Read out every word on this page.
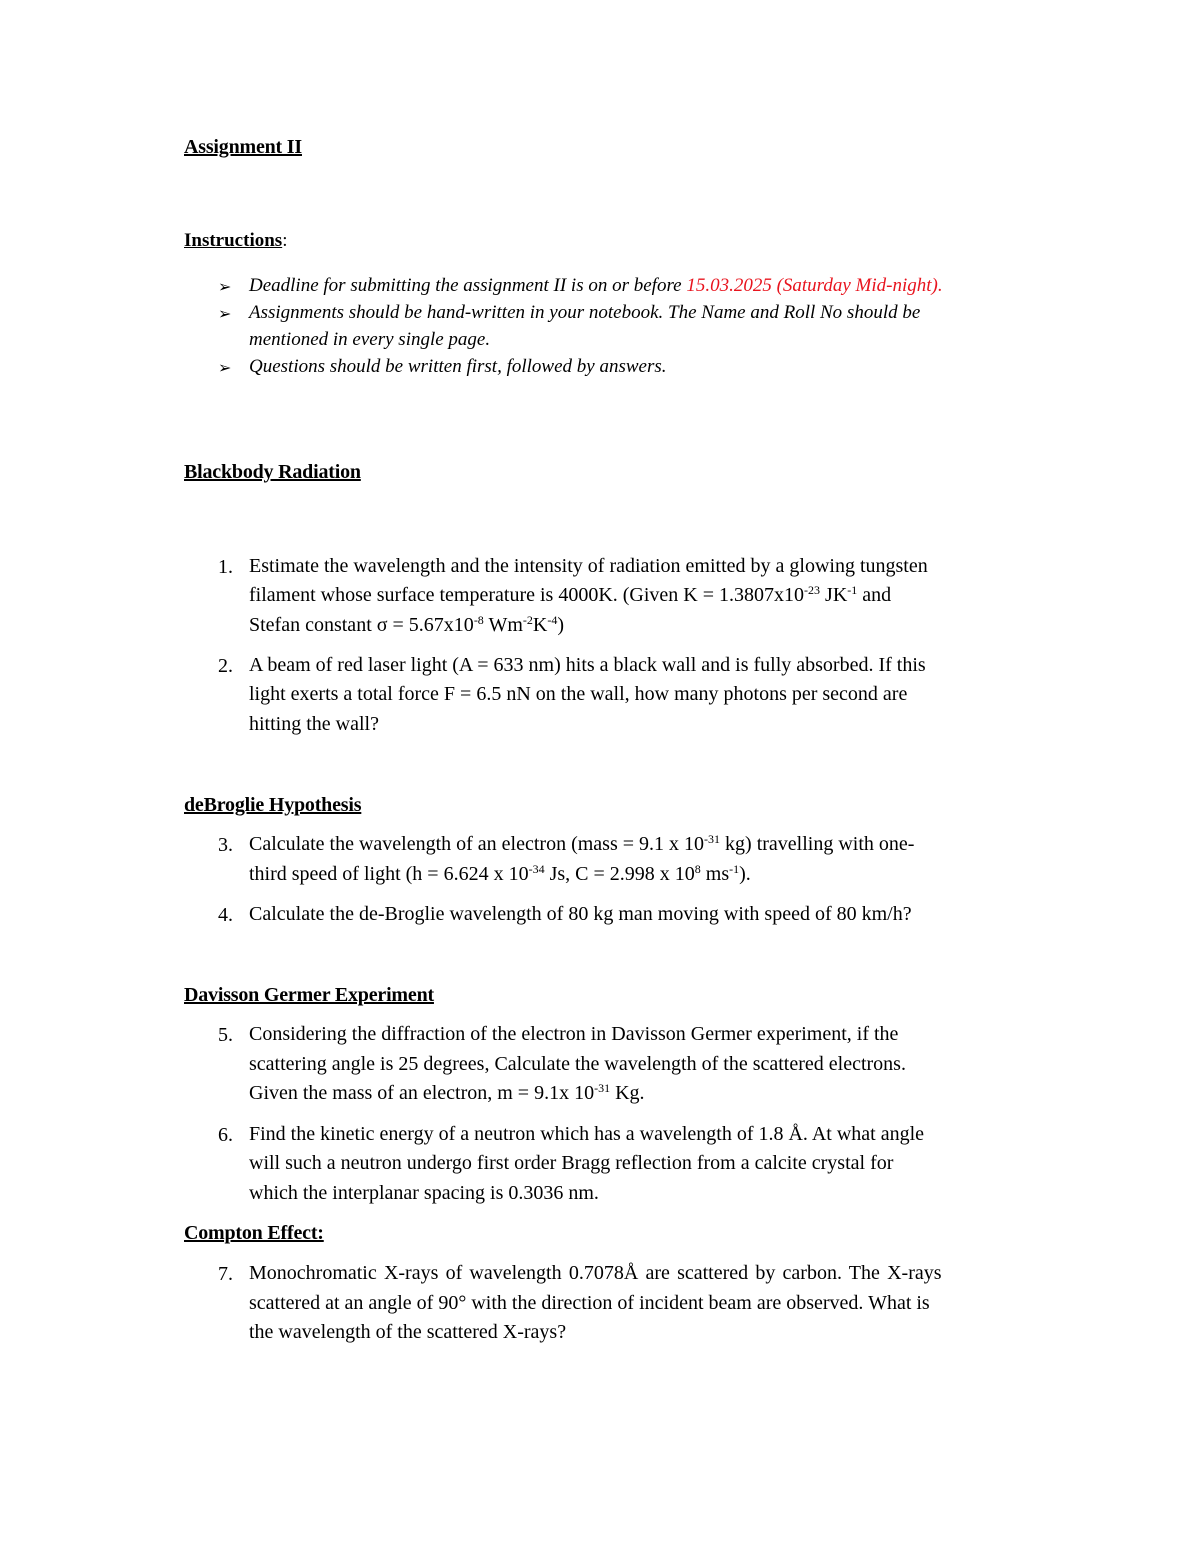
Assignment II
Instructions:
➢ Deadline for submitting the assignment II is on or before 15.03.2025 (Saturday Mid-night).
➢ Assignments should be hand-written in your notebook. The Name and Roll No should be
mentioned in every single page.
➢ Questions should be written first, followed by answers.
Blackbody Radiation
1. Estimate the wavelength and the intensity of radiation emitted by a glowing tungsten
filament whose surface temperature is 4000K. (Given $K = 1.3807x10^{-23}$ $JK^{-1}$ and
Stefan constant $\sigma = 5.67x10^{-8}$ $Wm^{-2}K^{-4}$)
2. A beam of red laser light (A = 633 nm) hits a black wall and is fully absorbed. If this
light exerts a total force F = 6.5 nN on the wall, how many photons per second are
hitting the wall?
deBroglie Hypothesis
3. Calculate the wavelength of an electron (mass = 9.1 x $10^{-31}$ kg) travelling with one-
third speed of light (h = 6.624 x $10^{-34}$ Js, C = 2.998 x $10^8$ $ms^{-1}$).
4. Calculate the de-Broglie wavelength of 80 kg man moving with speed of 80 km/h?
Davisson Germer Experiment
5. Considering the diffraction of the electron in Davisson Germer experiment, if the
scattering angle is 25 degrees, Calculate the wavelength of the scattered electrons.
Given the mass of an electron, m = 9.1x $10^{-31}$ Kg.
6. Find the kinetic energy of a neutron which has a wavelength of 1.8 Å. At what angle
will such a neutron undergo first order Bragg reflection from a calcite crystal for
which the interplanar spacing is 0.3036 nm.
Compton Effect:
7. Monochromatic X-rays of wavelength 0.7078Å are scattered by carbon. The X-rays
scattered at an angle of 90° with the direction of incident beam are observed. What is
the wavelength of the scattered X-rays?
